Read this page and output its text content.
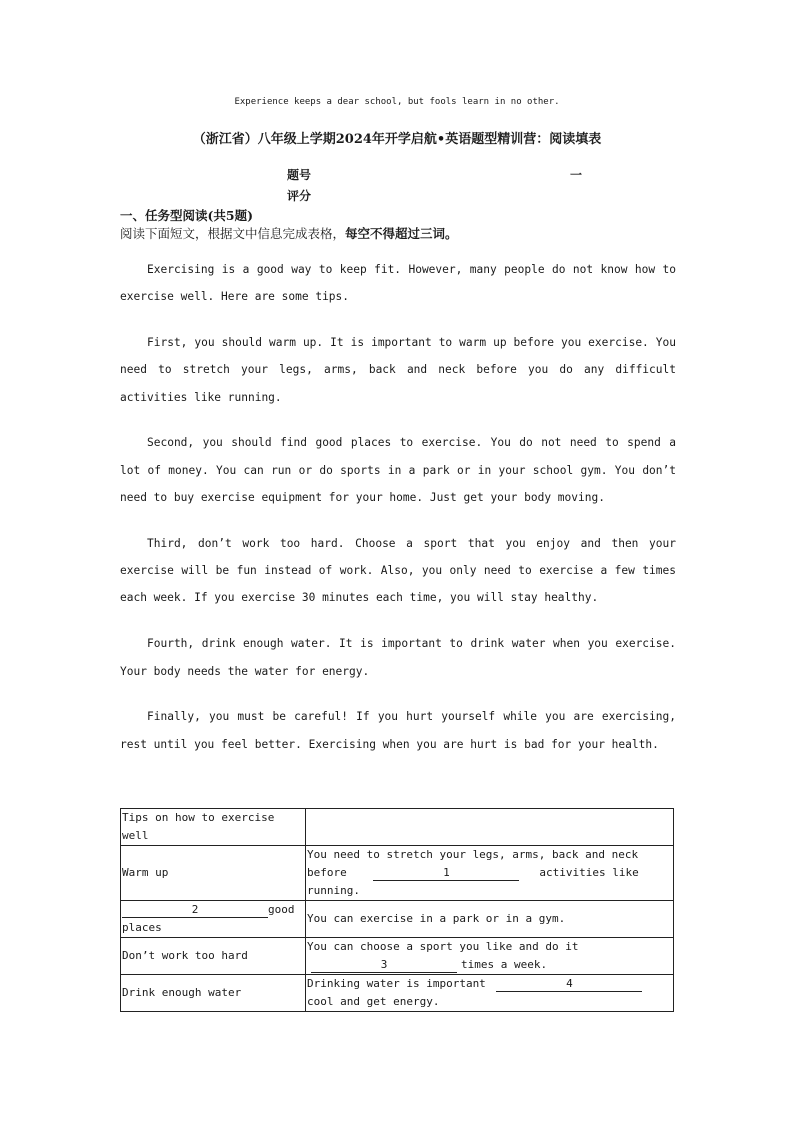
Experience keeps a dear school, but fools learn in no other.
（浙江省）八年级上学期2024年开学启航•英语题型精训营：阅读填表
题号	一
评分
一、任务型阅读(共5题)
阅读下面短文，根据文中信息完成表格，每空不得超过三词。

Exercising is a good way to keep fit. However, many people do not know how to exercise well. Here are some tips.

First, you should warm up. It is important to warm up before you exercise. You need to stretch your legs, arms, back and neck before you do any difficult activities like running.

Second, you should find good places to exercise. You do not need to spend a lot of money. You can run or do sports in a park or in your school gym. You don’t need to buy exercise equipment for your home. Just get your body moving.

Third, don’t work too hard. Choose a sport that you enjoy and then your exercise will be fun instead of work. Also, you only need to exercise a few times each week. If you exercise 30 minutes each time, you will stay healthy.

Fourth, drink enough water. It is important to drink water when you exercise. Your body needs the water for energy.

Finally, you must be careful! If you hurt yourself while you are exercising, rest until you feel better. Exercising when you are hurt is bad for your health.

Tips on how to exercise well	
Warm up	You need to stretch your legs, arms, back and neck before 1 activities like running.
2 good places	You can exercise in a park or in a gym.
Don’t work too hard	You can choose a sport you like and do it 3 times a week.
Drink enough water	Drinking water is important 4cool and get energy.
